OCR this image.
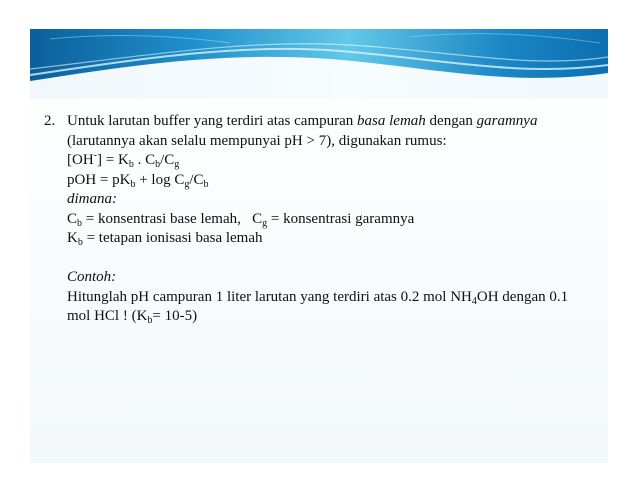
2. Untuk larutan buffer yang terdiri atas campuran basa lemah dengan garamnya
(larutannya akan selalu mempunyai pH > 7), digunakan rumus:
$[OH^-] = K_b$ . $C_b/C_g$
pOH = $pK_b + \log C_g/C_b$
dimana:
$C_b$ = konsentrasi base lemah,   $C_g$ = konsentrasi garamnya
$K_b$ = tetapan ionisasi basa lemah
Contoh:
Hitunglah pH campuran 1 liter larutan yang terdiri atas 0.2 mol $NH_4OH$ dengan 0.1
mol HCl ! $(K_b= 10-5)$
